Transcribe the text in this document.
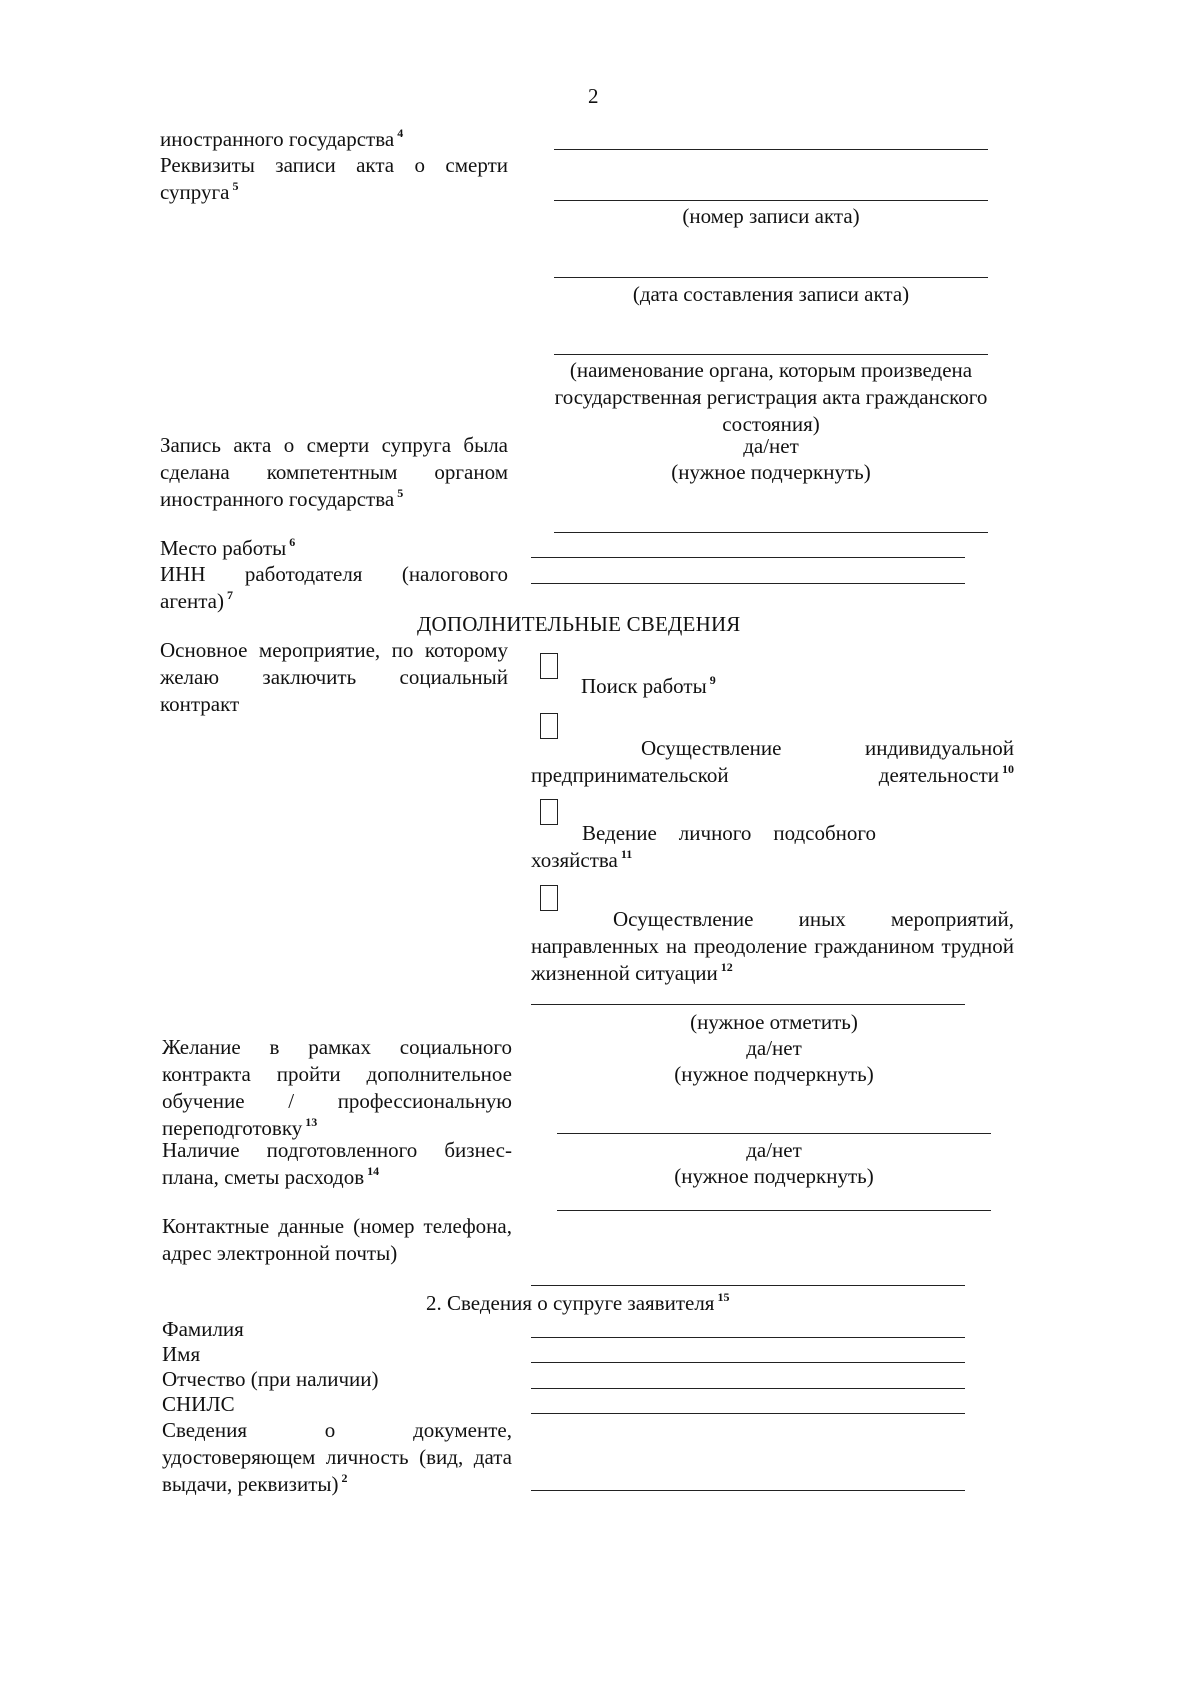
2
иностранного государства $^4$
Реквизиты записи акта о смерти супруга $^5$
Запись акта о смерти супруга была сделана компетентным органом иностранного государства $^5$
Место работы $^6$
ИНН работодателя (налогового агента) $^7$
ДОПОЛНИТЕЛЬНЫЕ СВЕДЕНИЯ
Основное мероприятие, по которому желаю заключить социальный контракт
Желание в рамках социального контракта пройти дополнительное обучение / профессиональную переподготовку $^{13}$
Наличие подготовленного бизнес-плана, сметы расходов $^{14}$
Контактные данные (номер телефона, адрес электронной почты)
2. Сведения о супруге заявителя $^{15}$
Фамилия
Имя
Отчество (при наличии)
СНИЛС
Сведения о документе, удостоверяющем личность (вид, дата выдачи, реквизиты) $^2$
(номер записи акта)
(дата составления записи акта)
(наименование органа, которым произведена государственная регистрация акта гражданского состояния)
да/нет
(нужное подчеркнуть)
Поиск работы $^9$
Осуществление индивидуальной предпринимательской деятельности $^{10}$
Ведение личного подсобного хозяйства $^{11}$
Осуществление иных мероприятий, направленных на преодоление гражданином трудной жизненной ситуации $^{12}$
(нужное отметить)
да/нет
(нужное подчеркнуть)
да/нет
(нужное подчеркнуть)
